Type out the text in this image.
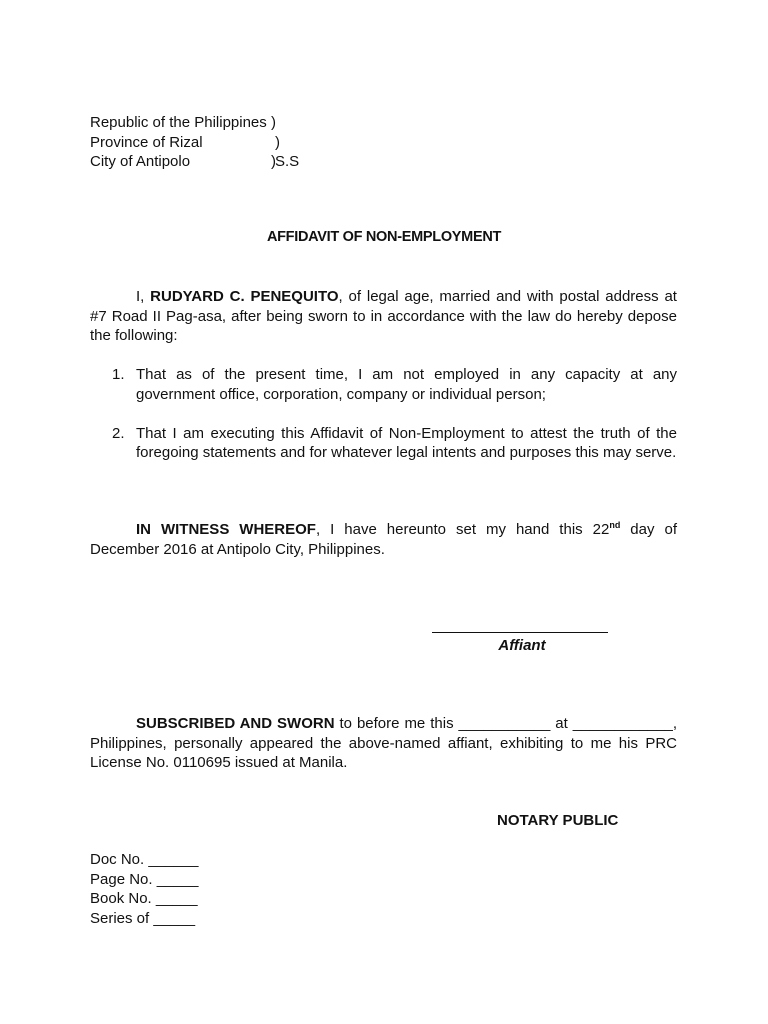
Republic of the Philippines )
Province of Rizal	) S.S
City of Antipolo	)
AFFIDAVIT OF NON-EMPLOYMENT
I, RUDYARD C. PENEQUITO, of legal age, married and with postal address at #7 Road II Pag-asa, after being sworn to in accordance with the law do hereby depose the following:
1. That as of the present time, I am not employed in any capacity at any government office, corporation, company or individual person;
2. That I am executing this Affidavit of Non-Employment to attest the truth of the foregoing statements and for whatever legal intents and purposes this may serve.
IN WITNESS WHEREOF, I have hereunto set my hand this 22nd day of December 2016 at Antipolo City, Philippines.
Affiant
SUBSCRIBED AND SWORN to before me this ___________ at ____________, Philippines, personally appeared the above-named affiant, exhibiting to me his PRC License No. 0110695 issued at Manila.
NOTARY PUBLIC
Doc No. ______
Page No. _____
Book No. _____
Series of _____
